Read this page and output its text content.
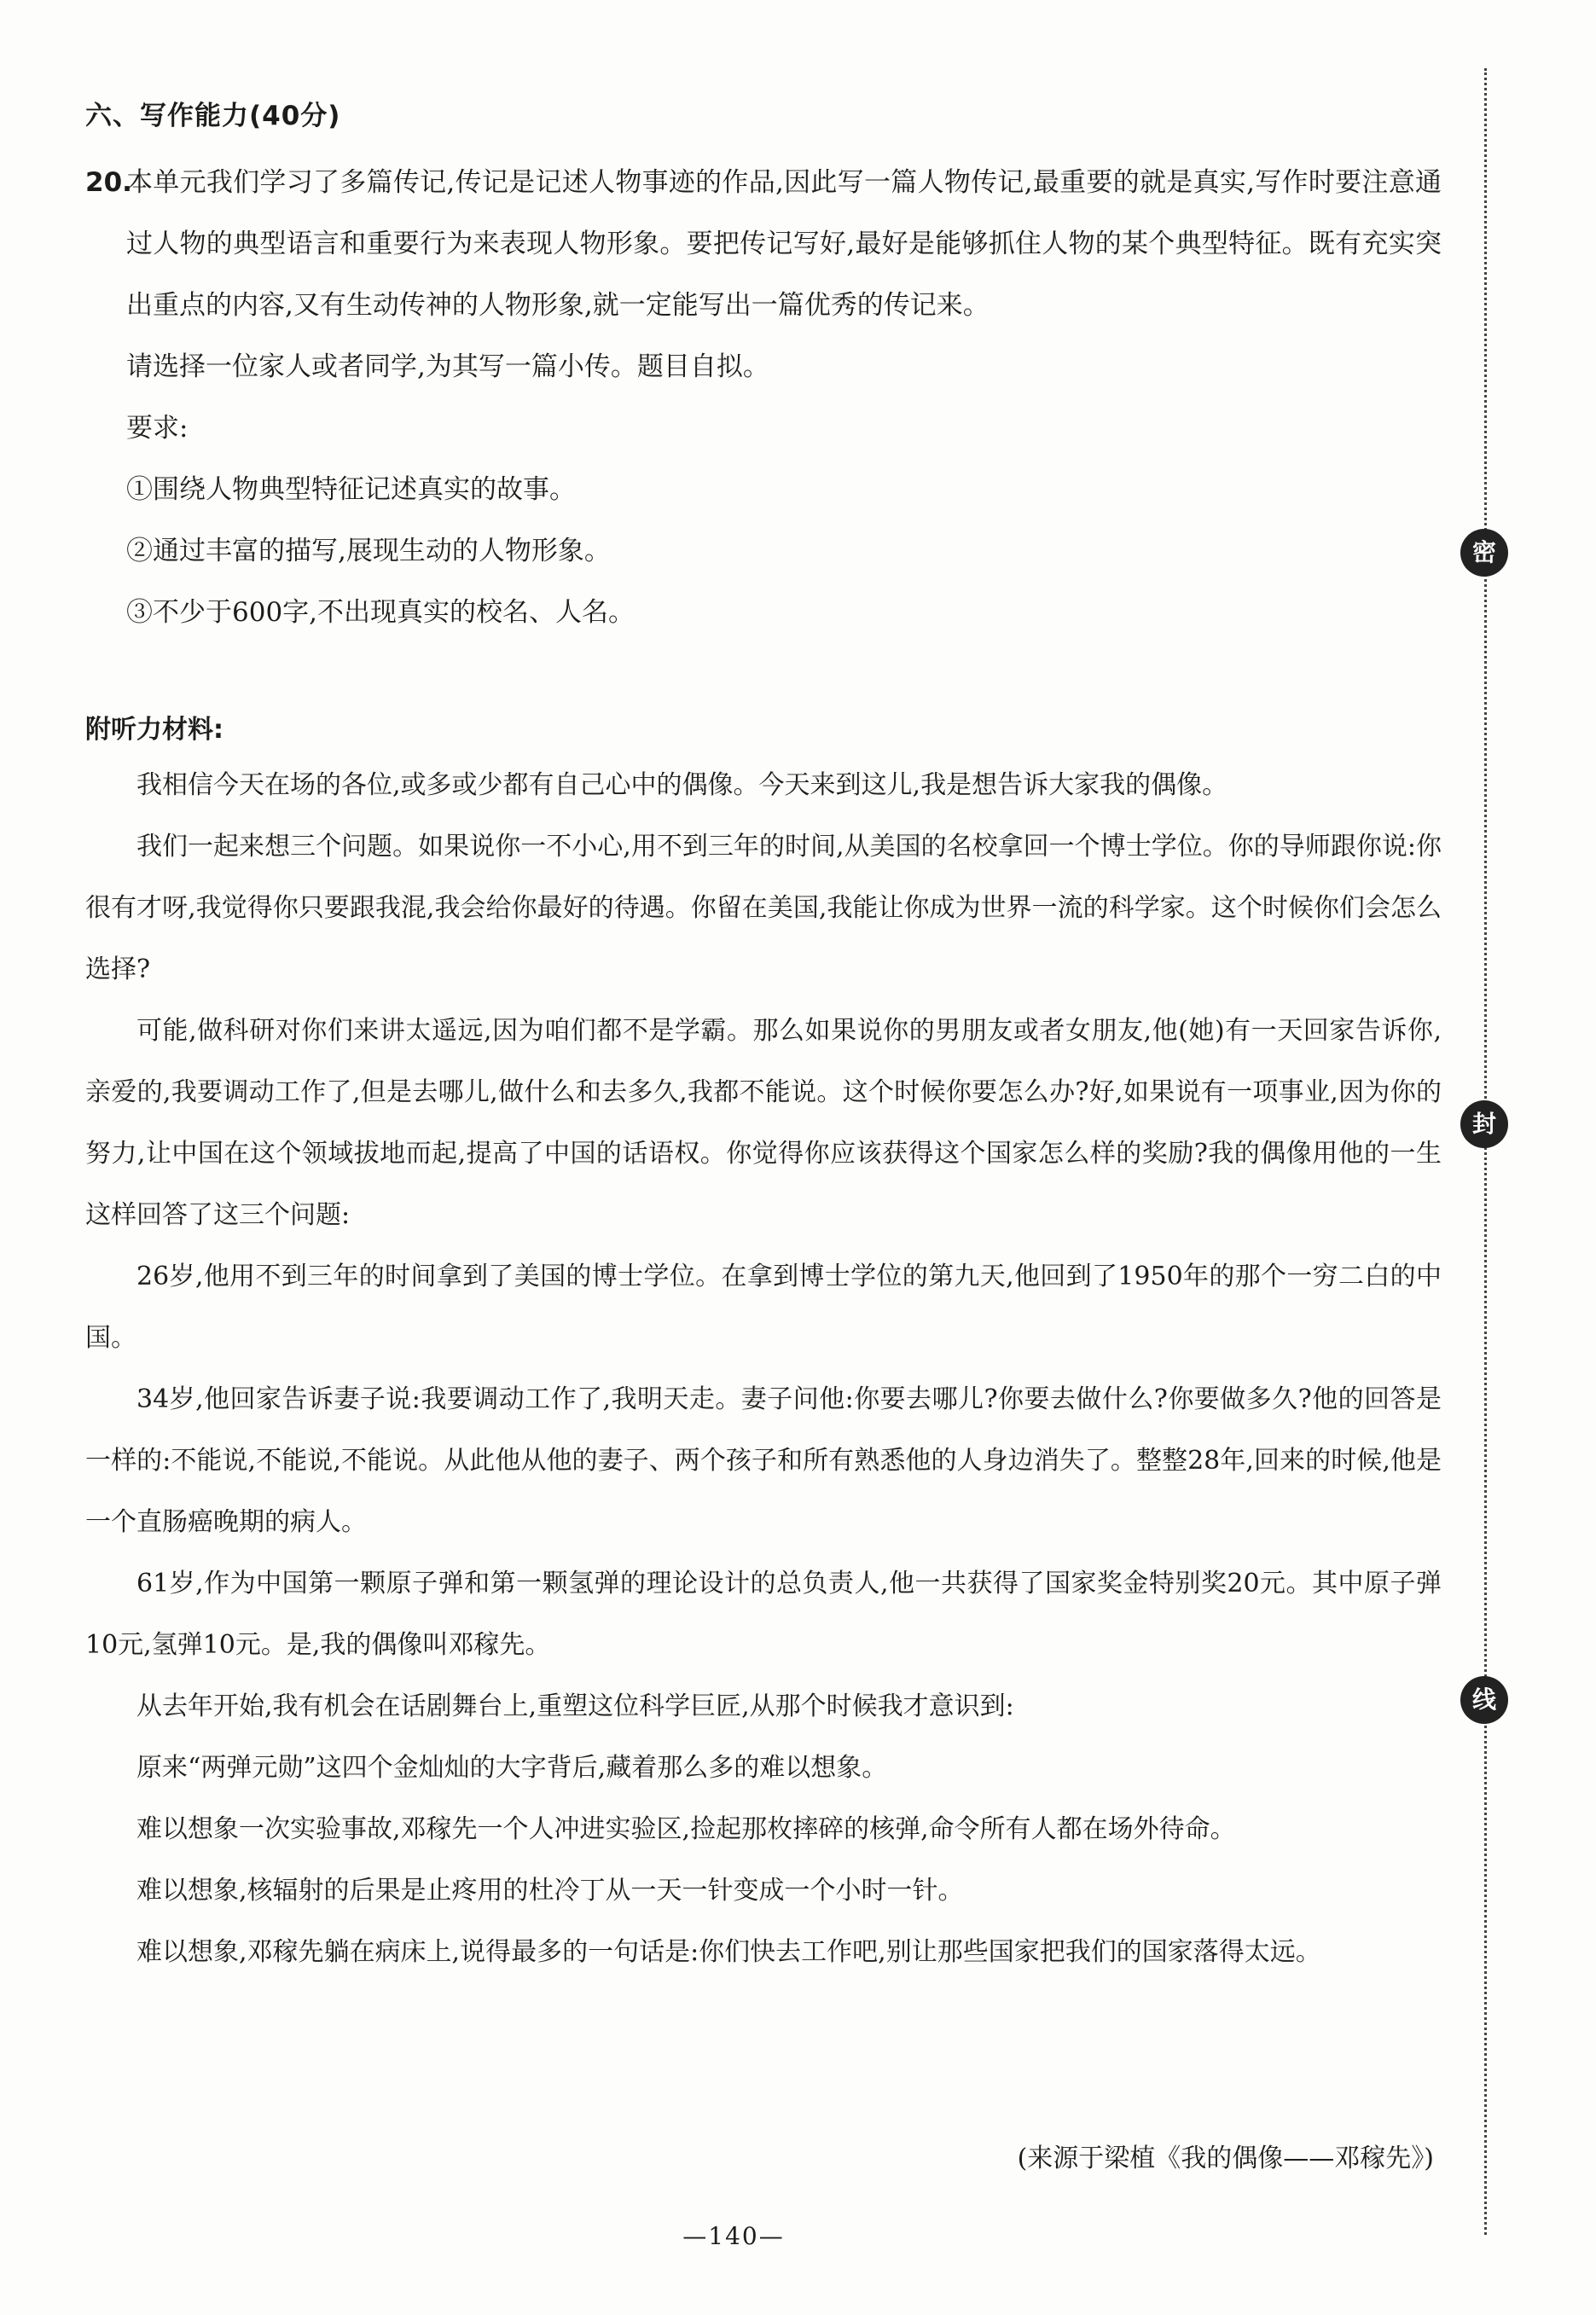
六、写作能力(40分)
20.
本单元我们学习了多篇传记,传记是记述人物事迹的作品,因此写一篇人物传记,最重要的就是真实,写作时要注意通过人物的典型语言和重要行为来表现人物形象。要把传记写好,最好是能够抓住人物的某个典型特征。既有充实突出重点的内容,又有生动传神的人物形象,就一定能写出一篇优秀的传记来。
请选择一位家人或者同学,为其写一篇小传。题目自拟。
要求:
①围绕人物典型特征记述真实的故事。
②通过丰富的描写,展现生动的人物形象。
③不少于600字,不出现真实的校名、人名。
附听力材料:

我相信今天在场的各位,或多或少都有自己心中的偶像。今天来到这儿,我是想告诉大家我的偶像。

我们一起来想三个问题。如果说你一不小心,用不到三年的时间,从美国的名校拿回一个博士学位。你的导师跟你说:你很有才呀,我觉得你只要跟我混,我会给你最好的待遇。你留在美国,我能让你成为世界一流的科学家。这个时候你们会怎么选择?

可能,做科研对你们来讲太遥远,因为咱们都不是学霸。那么如果说你的男朋友或者女朋友,他(她)有一天回家告诉你,亲爱的,我要调动工作了,但是去哪儿,做什么和去多久,我都不能说。这个时候你要怎么办?好,如果说有一项事业,因为你的努力,让中国在这个领域拔地而起,提高了中国的话语权。你觉得你应该获得这个国家怎么样的奖励?我的偶像用他的一生这样回答了这三个问题:

26岁,他用不到三年的时间拿到了美国的博士学位。在拿到博士学位的第九天,他回到了1950年的那个一穷二白的中国。

34岁,他回家告诉妻子说:我要调动工作了,我明天走。妻子问他:你要去哪儿?你要去做什么?你要做多久?他的回答是一样的:不能说,不能说,不能说。从此他从他的妻子、两个孩子和所有熟悉他的人身边消失了。整整28年,回来的时候,他是一个直肠癌晚期的病人。

61岁,作为中国第一颗原子弹和第一颗氢弹的理论设计的总负责人,他一共获得了国家奖金特别奖20元。其中原子弹10元,氢弹10元。是,我的偶像叫邓稼先。

从去年开始,我有机会在话剧舞台上,重塑这位科学巨匠,从那个时候我才意识到:

原来“两弹元勋”这四个金灿灿的大字背后,藏着那么多的难以想象。

难以想象一次实验事故,邓稼先一个人冲进实验区,捡起那枚摔碎的核弹,命令所有人都在场外待命。

难以想象,核辐射的后果是止疼用的杜冷丁从一天一针变成一个小时一针。

难以想象,邓稼先躺在病床上,说得最多的一句话是:你们快去工作吧,别让那些国家把我们的国家落得太远。

(来源于梁植《我的偶像——邓稼先》)
—140—
密
封
线
